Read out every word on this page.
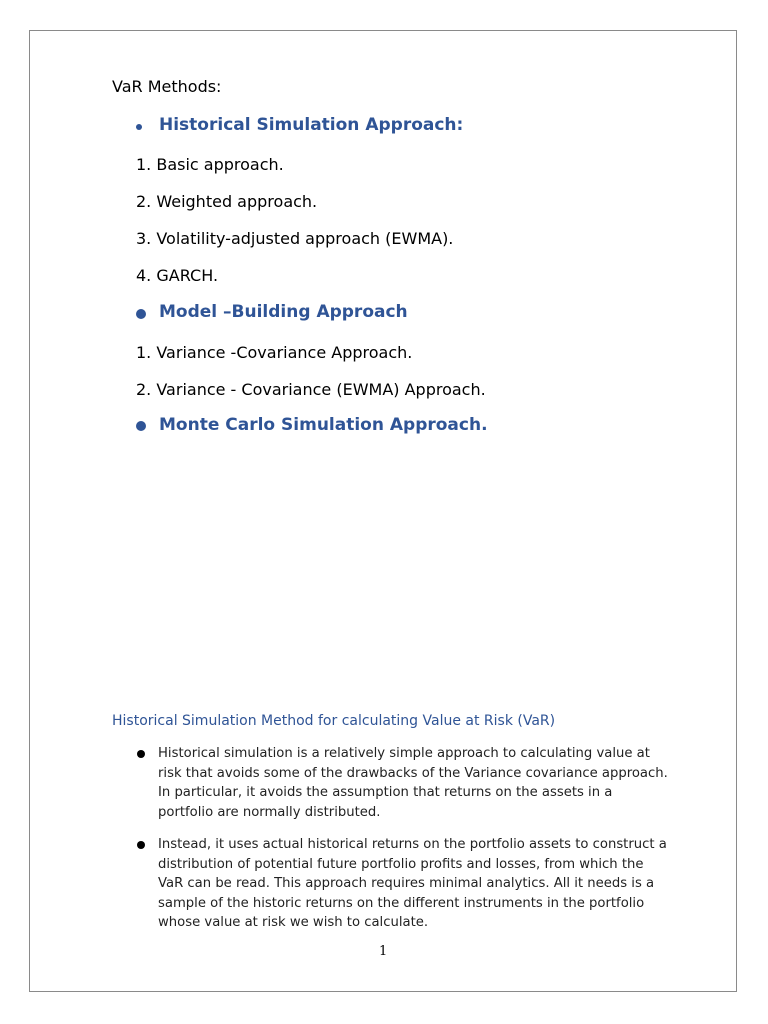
VaR Methods:
Historical Simulation Approach:
1. Basic approach.
2. Weighted approach.
3. Volatility-adjusted approach (EWMA).
4. GARCH.
Model –Building Approach
1. Variance -Covariance Approach.
2. Variance - Covariance (EWMA) Approach.
Monte Carlo Simulation Approach.
Historical Simulation Method for calculating Value at Risk (VaR)
Historical simulation is a relatively simple approach to calculating value at risk that avoids some of the drawbacks of the Variance covariance approach. In particular, it avoids the assumption that returns on the assets in a portfolio are normally distributed.
Instead, it uses actual historical returns on the portfolio assets to construct a distribution of potential future portfolio profits and losses, from which the VaR can be read. This approach requires minimal analytics. All it needs is a sample of the historic returns on the different instruments in the portfolio whose value at risk we wish to calculate.
1
